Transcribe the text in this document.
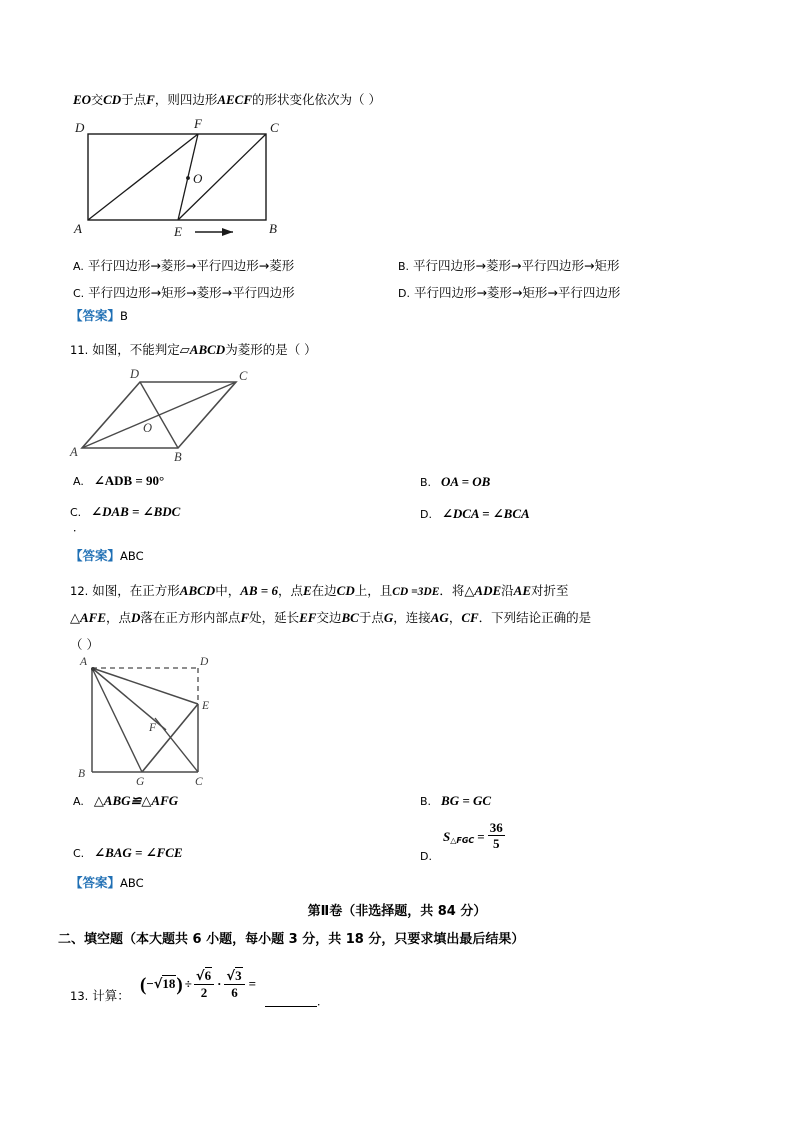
EO交CD于点F，则四边形AECF的形状变化依次为（ ）
D	F	C
O
A	E	B
A. 平行四边形→菱形→平行四边形→菱形	B. 平行四边形→菱形→平行四边形→矩形
C. 平行四边形→矩形→菱形→平行四边形	D. 平行四边形→菱形→矩形→平行四边形
【答案】B
11. 如图，不能判定▱ABCD为菱形的是（ ）
D	C
O
A	B
A. ∠ADB = 90°	B. OA = OB
C. ∠DAB = ∠BDC
．
D. ∠DCA = ∠BCA
【答案】ABC
12. 如图，在正方形ABCD中，AB = 6，点E在边CD上，且CD =3DE．将△ADE沿AE对折至
△AFE，点D落在正方形内部点F处，延长EF交边BC于点G，连接AG，CF．下列结论正确的是
（ ）
A	D
E
F
B
G	C
A. △ABG≌△AFG	B. BG = GC
C. ∠BAG = ∠FCE	D.
$S_{\triangle FGC} = \frac{36}{5}$
【答案】ABC
第Ⅱ卷（非选择题，共 84 分）
二、填空题（本大题共 6 小题，每小题 3 分，共 18 分，只要求填出最后结果）
13. 计算：
$(-√18) \div \frac{√6}{2} \cdot \frac{√3}{6}$ =
．
